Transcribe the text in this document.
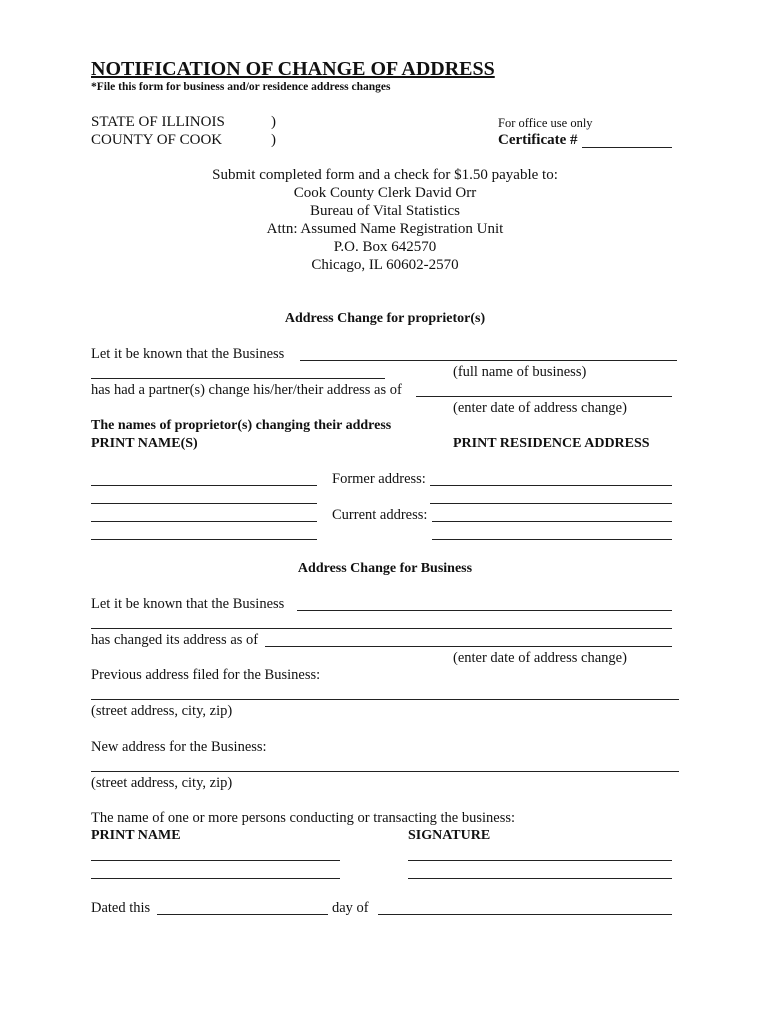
NOTIFICATION OF CHANGE OF ADDRESS
*File this form for business and/or residence address changes
STATE OF ILLINOIS
COUNTY OF COOK
)
)
For office use only
Certificate #
Submit completed form and a check for $1.50 payable to:
Cook County Clerk David Orr
Bureau of Vital Statistics
Attn: Assumed Name Registration Unit
P.O. Box 642570
Chicago, IL 60602-2570
Address Change for proprietor(s)
Let it be known that the Business
(full name of business)
has had a partner(s) change his/her/their address as of
(enter date of address change)
The names of proprietor(s) changing their address
PRINT NAME(S)	PRINT RESIDENCE ADDRESS
Former address:
Current address:
Address Change for Business
Let it be known that the Business
has changed its address as of
(enter date of address change)
Previous address filed for the Business:
(street address, city, zip)
New address for the Business:
(street address, city, zip)
The name of one or more persons conducting or transacting the business:
PRINT NAME	SIGNATURE
Dated this	day of
